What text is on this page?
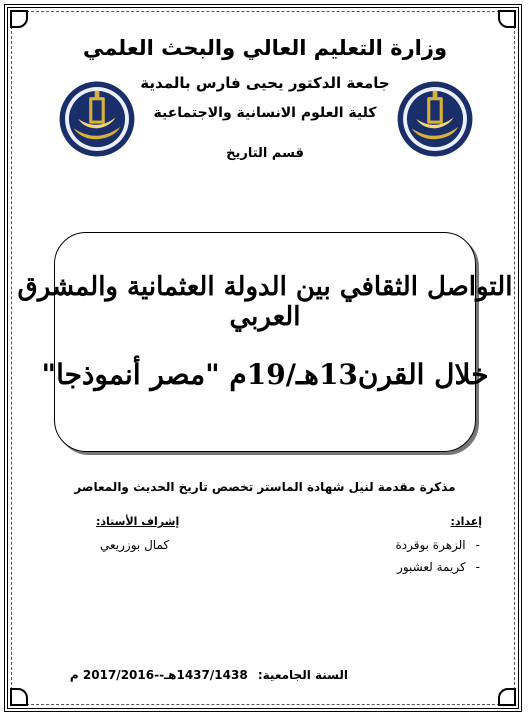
وزارة التعليم العالي والبحث العلمي
جامعة الدكتور يحيى فارس بالمدية
كلية العلوم الانسانية والاجتماعية
قسم التاريخ
التواصل الثقافي بين الدولة العثمانية والمشرق العربي
خلال القرن13هـ/19م "مصر أنموذجا"
مذكرة مقدمة لنيل شهادة الماستر تخصص تاريخ الحديث والمعاصر
إعداد:
-الزهرة بوقردة
-كريمة لعشبور
إشراف الأستاذ:
كمال بوزريعي
السنة الجامعية: 1437/1438هـ--2017/2016 م
